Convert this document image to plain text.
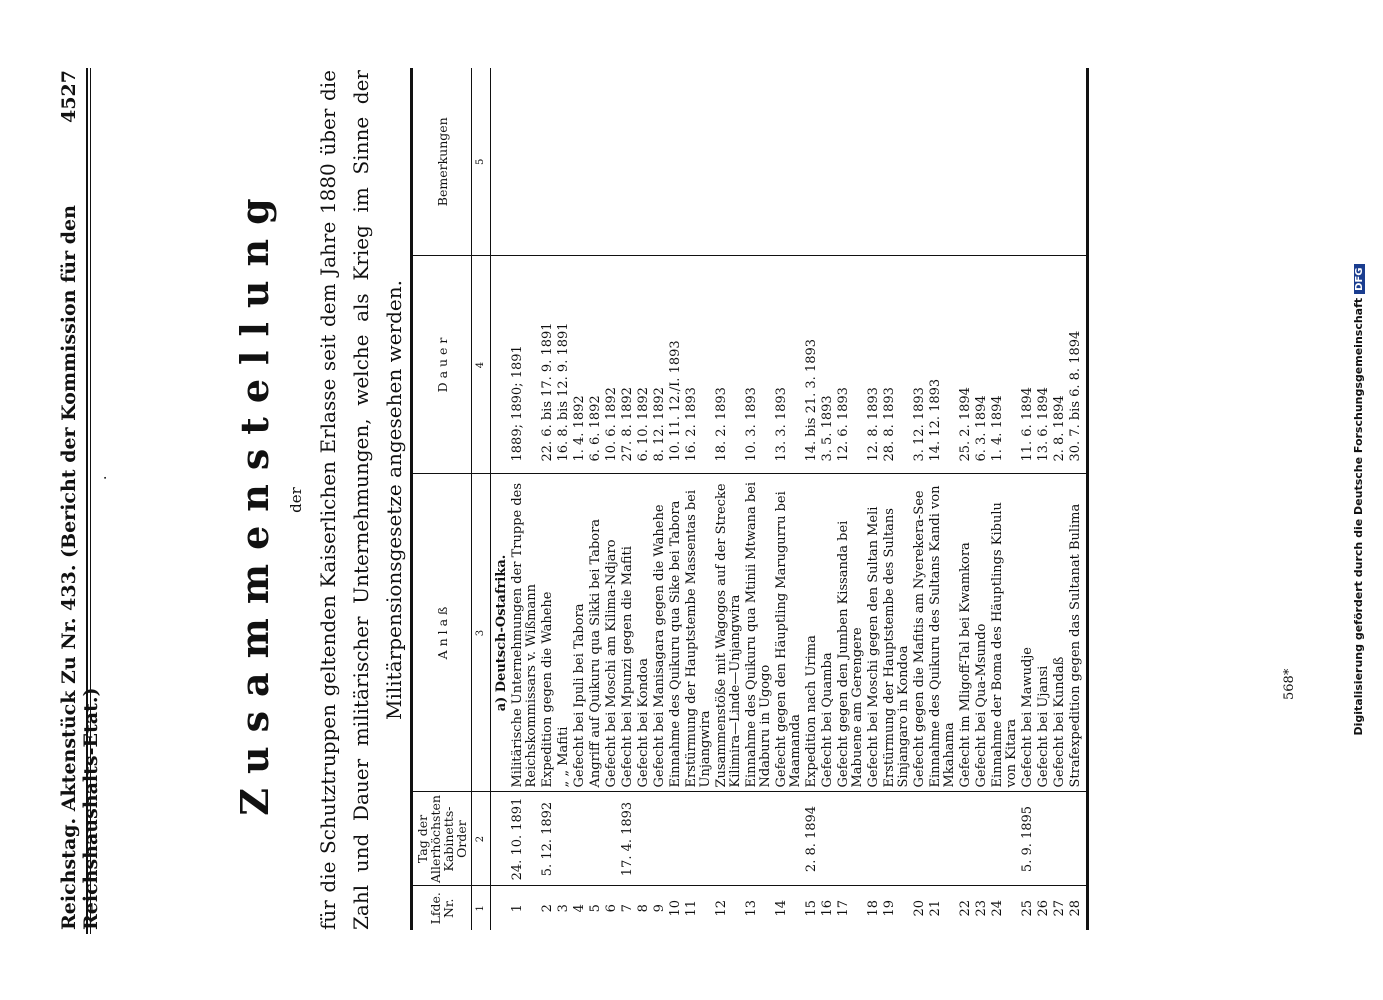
Reichstag. Aktenstück Zu Nr. 433. (Bericht der Kommission für den Reichshaushalts-Etat.)
4527
·	Zusammenstellung der für die Schutztruppen geltenden Kaiserlichen Erlasse seit dem Jahre 1880 über die Zahl und Dauer militärischer Unternehmungen, welche als Krieg im Sinne der Militärpensionsgesetze angesehen werden.
Lfde. Nr.	Tag der Allerhöchsten Kabinetts-Order	A n l a ß	D a u e r	Bemerkungen
1	2	3	4	5
		a) Deutsch-Ostafrika.		
1	24. 10. 1891	Militärische Unternehmungen der Truppe des Reichskommissars v. Wißmann	1889; 1890; 1891	
2	5. 12. 1892	Expedition gegen die Wahehe	22. 6. bis 17. 9. 1891	
3		„ „ Mafiti	16. 8. bis 12. 9. 1891	
4		Gefecht bei Ipuli bei Tabora	1. 4. 1892	
5		Angriff auf Quikuru qua Sikki bei Tabora	6. 6. 1892	
6		Gefecht bei Moschi am Kilima-Ndjaro	10. 6. 1892	
7	17. 4. 1893	Gefecht bei Mpunzi gegen die Mafiti	27. 8. 1892	
8		Gefecht bei Kondoa	6. 10. 1892	
9		Gefecht bei Manisagara gegen die Wahehe	8. 12. 1892	
10		Einnahme des Quikuru qua Sike bei Tabora	10. 11. 12./I. 1893	
11		Erstürmung der Hauptstembe Massentas bei Unjangwira	16. 2. 1893	
12		Zusammenstöße mit Wagogos auf der Strecke Kilimira—Linde—Unjangwira	18. 2. 1893	
13		Einnahme des Quikuru qua Mtinii Mtwana bei Ndaburu in Ugogo	10. 3. 1893	
14		Gefecht gegen den Häuptling Marugurru bei Maamanda	13. 3. 1893	
15	2. 8. 1894	Expedition nach Urima	14. bis 21. 3. 1893	
16		Gefecht bei Quamba	3. 5. 1893	
17		Gefecht gegen den Jumben Kissanda bei Mabuene am Gerengere	12. 6. 1893	
18		Gefecht bei Moschi gegen den Sultan Meli	12. 8. 1893	
19		Erstürmung der Hauptstembe des Sultans Sinjangaro in Kondoa	28. 8. 1893	
20		Gefecht gegen die Mafitis am Nyerekera-See	3. 12. 1893	
21		Einnahme des Quikuru des Sultans Kandi von Mkahama	14. 12. 1893	
22		Gefecht im Mligoff-Tal bei Kwamkora	25. 2. 1894	
23		Gefecht bei Qua-Msundo	6. 3. 1894	
24		Einnahme der Boma des Häuptlings Kibulu von Kitara	1. 4. 1894	
25	5. 9. 1895	Gefecht bei Mawudje	11. 6. 1894	
26		Gefecht bei Ujansi	13. 6. 1894	
27		Gefecht bei Kundaß	2. 8. 1894	
28		Strafexpedition gegen das Sultanat Bulima	30. 7. bis 6. 8. 1894	

568*	Digitalisierung gefördert durch die Deutsche ForschungsgemeinschaftDFG
